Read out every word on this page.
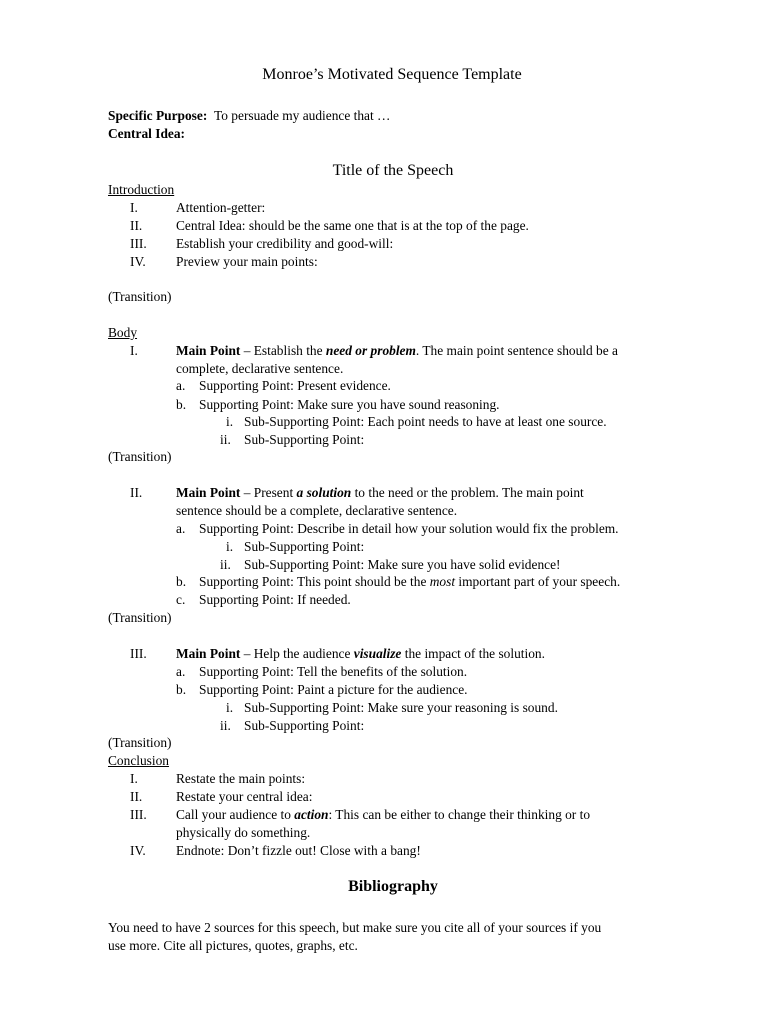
Monroe’s Motivated Sequence Template
Specific Purpose: To persuade my audience that …
Central Idea:
Title of the Speech
Introduction
I.	Attention-getter:
II.	Central Idea: should be the same one that is at the top of the page.
III. Establish your credibility and good-will:
IV. Preview your main points:
(Transition)
Body
I.	Main Point – Establish the need or problem. The main point sentence should be a
complete, declarative sentence.
a. Supporting Point: Present evidence.
b. Supporting Point: Make sure you have sound reasoning.
i. Sub-Supporting Point: Each point needs to have at least one source.
ii. Sub-Supporting Point:
(Transition)
II.	Main Point – Present a solution to the need or the problem. The main point
sentence should be a complete, declarative sentence.
a. Supporting Point: Describe in detail how your solution would fix the problem.
i. Sub-Supporting Point:
ii. Sub-Supporting Point: Make sure you have solid evidence!
b. Supporting Point: This point should be the most important part of your speech.
c. Supporting Point: If needed.
(Transition)
III. Main Point – Help the audience visualize the impact of the solution.
a. Supporting Point: Tell the benefits of the solution.
b. Supporting Point: Paint a picture for the audience.
i. Sub-Supporting Point: Make sure your reasoning is sound.
ii. Sub-Supporting Point:
(Transition)
Conclusion
I.	Restate the main points:
II.	Restate your central idea:
III. Call your audience to action: This can be either to change their thinking or to
physically do something.
IV. Endnote: Don’t fizzle out! Close with a bang!
Bibliography
You need to have 2 sources for this speech, but make sure you cite all of your sources if you
use more. Cite all pictures, quotes, graphs, etc.
